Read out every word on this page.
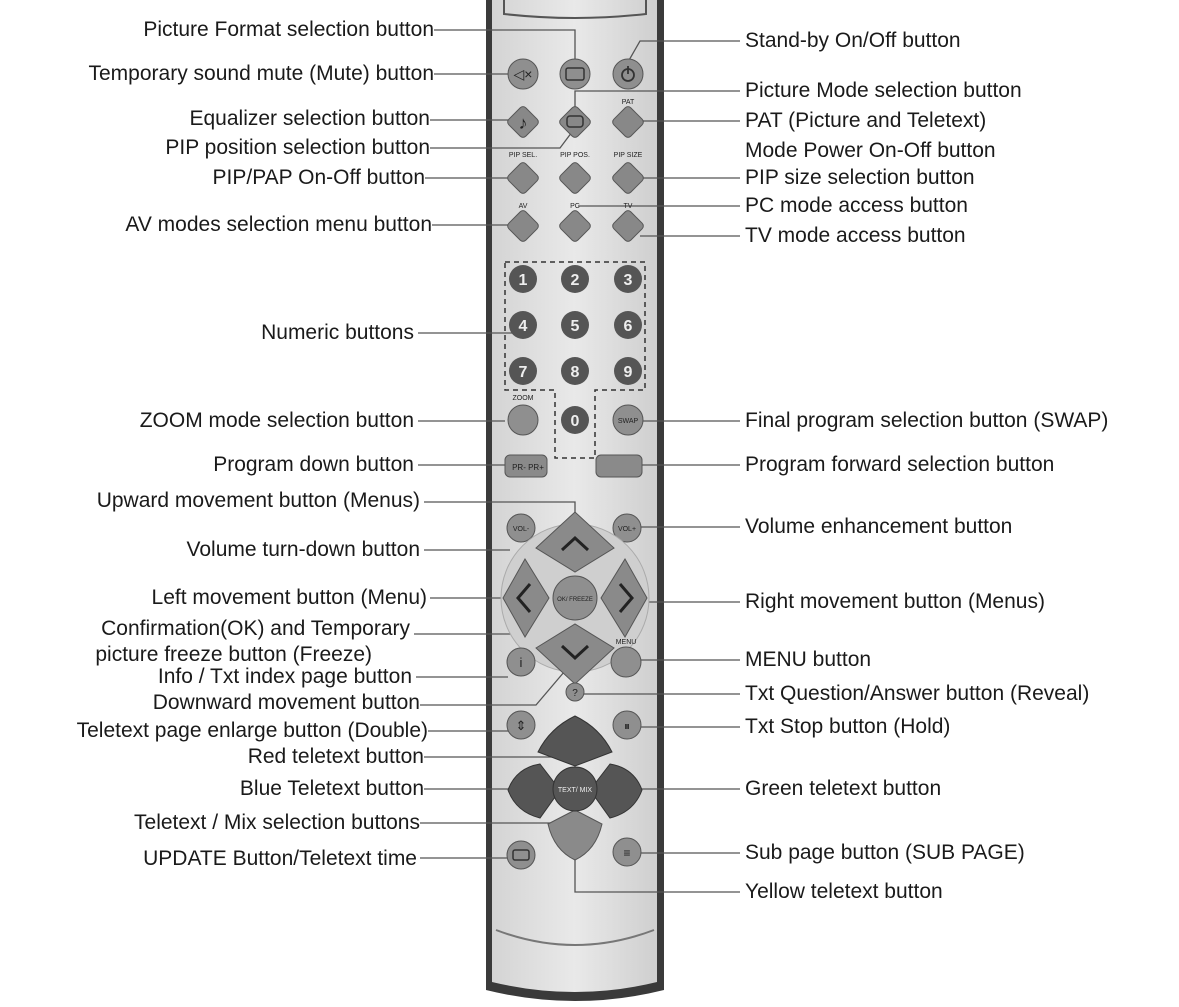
◁×
♪
PAT
PIP SEL.	PIP POS.	PIP SIZE
AV	PC	TV
1	2	3
4	5	6
7	8	9
0
ZOOM
SWAP
PR- PR+
VOL-	VOL+
OK/ FREEZE
i
MENU
?
⇕	⏸
TEXT/ MIX
≡
Picture Format selection button
Temporary sound mute (Mute) button
Equalizer selection button
PIP position selection button
PIP/PAP On-Off button
AV modes selection menu button
Numeric buttons
ZOOM mode selection button
Program down button
Upward movement button (Menus)
Volume turn-down button
Left movement button (Menu)
Confirmation(OK) and Temporary
picture freeze button (Freeze)
Info / Txt index page button
Downward movement button
Teletext page enlarge button (Double)
Red teletext button
Blue Teletext button
Teletext / Mix selection buttons
UPDATE Button/Teletext time
Stand-by On/Off button
Picture Mode selection button
PAT (Picture and Teletext)
Mode Power On-Off button
PIP size selection button
PC mode access button
TV mode access button
Final program selection button (SWAP)
Program forward selection button
Volume enhancement button
Right movement button (Menus)
MENU button
Txt Question/Answer button (Reveal)
Txt Stop button (Hold)
Green teletext button
Sub page button (SUB PAGE)
Yellow teletext button
